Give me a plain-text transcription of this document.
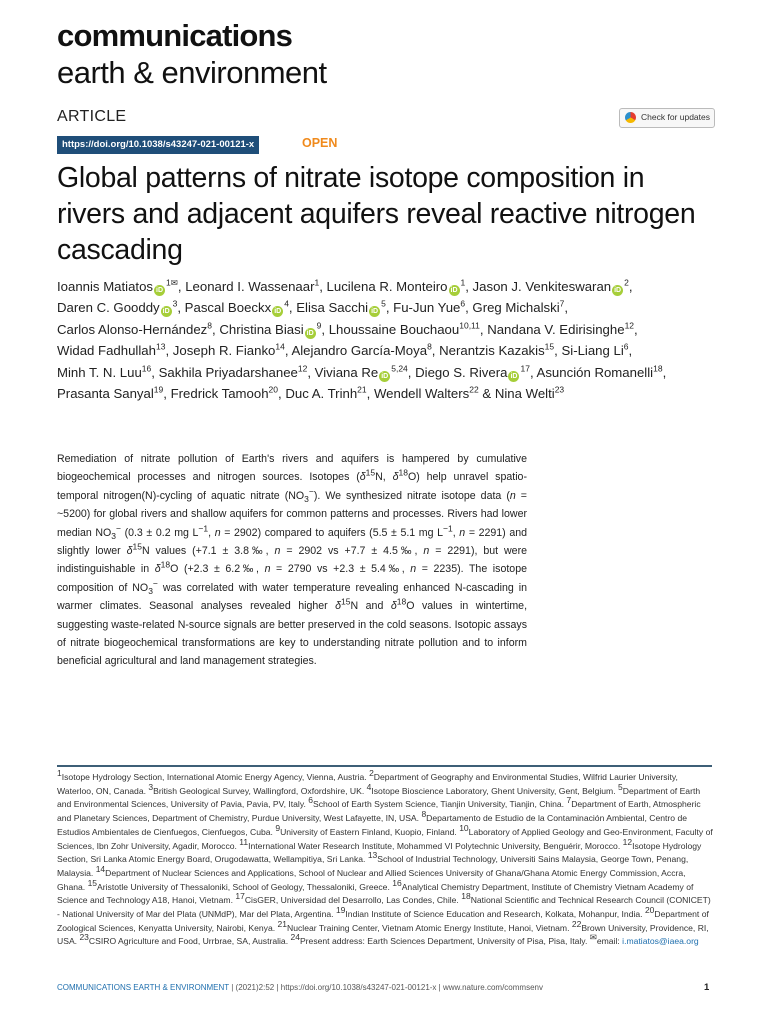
communications
earth & environment
ARTICLE	Check for updates
https://doi.org/10.1038/s43247-021-00121-x	OPEN
Global patterns of nitrate isotope composition in rivers and adjacent aquifers reveal reactive nitrogen cascading
Ioannis Matiatos $iD^{1✉}$, Leonard I. Wassenaar$^1$, Lucilena R. Monteiro $iD^1$, Jason J. Venkiteswaran $iD^2$,
Daren C. Gooddy $iD^3$, Pascal Boeckx $iD^4$, Elisa Sacchi $iD^5$, Fu-Jun Yue$^6$, Greg Michalski$^7$,
Carlos Alonso-Hernández$^8$, Christina Biasi $iD^9$, Lhoussaine Bouchaou$^{10,11}$, Nandana V. Edirisinghe$^{12}$,
Widad Fadhullah$^{13}$, Joseph R. Fianko$^{14}$, Alejandro García-Moya$^8$, Nerantzis Kazakis$^{15}$, Si-Liang Li$^6$,
Minh T. N. Luu$^{16}$, Sakhila Priyadarshanee$^{12}$, Viviana Re iD$^{5,24}$, Diego S. Rivera $iD^{17}$, Asunción Romanelli$^{18}$,
Prasanta Sanyal$^{19}$, Fredrick Tamooh$^{20}$, Duc A. Trinh$^{21}$, Wendell Walters$^{22}$ & Nina Welti$^{23}$
Remediation of nitrate pollution of Earth's rivers and aquifers is hampered by cumulative biogeochemical processes and nitrogen sources. Isotopes ($\delta^{15}N$, $\delta^{18}O$) help unravel spatio-temporal nitrogen(N)-cycling of aquatic nitrate $(NO_3^-)$. We synthesized nitrate isotope data (n = ~5200) for global rivers and shallow aquifers for common patterns and processes. Rivers had lower median $NO_3^-$ (0.3 ± 0.2 mg $L^{-1}$, n = 2902) compared to aquifers (5.5 ± 5.1 mg $L^{-1}$, n = 2291) and slightly lower $\delta^{15}N$ values (+7.1 ± 3.8‰, n = 2902 vs +7.7 ± 4.5‰, n = 2291), but were indistinguishable in $\delta^{18}O$ (+2.3 ± 6.2‰, n = 2790 vs +2.3 ± 5.4‰, n = 2235). The isotope composition of $NO_3^-$ was correlated with water temperature revealing enhanced N-cascading in warmer climates. Seasonal analyses revealed higher $\delta^{15}N$ and $\delta^{18}O$ values in wintertime, suggesting waste-related N-source signals are better preserved in the cold seasons. Isotopic assays of nitrate biogeochemical transformations are key to understanding nitrate pollution and to inform beneficial agricultural and land management strategies.
$^1$Isotope Hydrology Section, International Atomic Energy Agency, Vienna, Austria. $^2$Department of Geography and Environmental Studies, Wilfrid Laurier University, Waterloo, ON, Canada. $^3$British Geological Survey, Wallingford, Oxfordshire, UK. $^4$Isotope Bioscience Laboratory, Ghent University, Gent, Belgium. $^5$Department of Earth and Environmental Sciences, University of Pavia, Pavia, PV, Italy. $^6$School of Earth System Science, Tianjin University, Tianjin, China. $^7$Department of Earth, Atmospheric and Planetary Sciences, Department of Chemistry, Purdue University, West Lafayette, IN, USA. $^8$Departamento de Estudio de la Contaminación Ambiental, Centro de Estudios Ambientales de Cienfuegos, Cienfuegos, Cuba. $^9$University of Eastern Finland, Kuopio, Finland. $^{10}$Laboratory of Applied Geology and Geo-Environment, Faculty of Sciences, Ibn Zohr University, Agadir, Morocco. $^{11}$International Water Research Institute, Mohammed VI Polytechnic University, Benguérir, Morocco. $^{12}$Isotope Hydrology Section, Sri Lanka Atomic Energy Board, Orugodawatta, Wellampitiya, Sri Lanka. $^{13}$School of Industrial Technology, Universiti Sains Malaysia, George Town, Penang, Malaysia. $^{14}$Department of Nuclear Sciences and Applications, School of Nuclear and Allied Sciences University of Ghana/Ghana Atomic Energy Commission, Accra, Ghana. $^{15}$Aristotle University of Thessaloniki, School of Geology, Thessaloniki, Greece. $^{16}$Analytical Chemistry Department, Institute of Chemistry Vietnam Academy of Science and Technology A18, Hanoi, Vietnam. $^{17}$CisGER, Universidad del Desarrollo, Las Condes, Chile. $^{18}$National Scientific and Technical Research Council (CONICET) - National University of Mar del Plata (UNMdP), Mar del Plata, Argentina. $^{19}$Indian Institute of Science Education and Research, Kolkata, Mohanpur, India. $^{20}$Department of Zoological Sciences, Kenyatta University, Nairobi, Kenya. $^{21}$Nuclear Training Center, Vietnam Atomic Energy Institute, Hanoi, Vietnam. $^{22}$Brown University, Providence, RI, USA. $^{23}$CSIRO Agriculture and Food, Urrbrae, SA, Australia. $^{24}$Present address: Earth Sciences Department, University of Pisa, Pisa, Italy. ✉email: i.matiatos@iaea.org
COMMUNICATIONS EARTH & ENVIRONMENT | (2021)2:52 | https://doi.org/10.1038/s43247-021-00121-x | www.nature.com/commsenv	1
